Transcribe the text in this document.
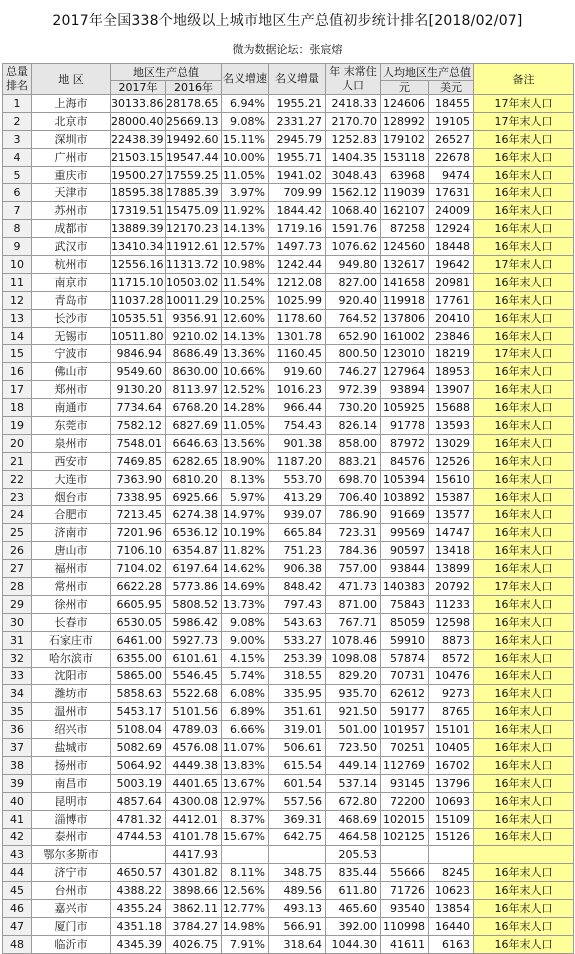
2017年全国338个地级以上城市地区生产总值初步统计排名[2018/02/07]
微为数据论坛：张宸熔
总量排名	地 区	地区生产总值		名义增速	名义增量	年 末常住人口	人均地区生产总值		备注
		2017年	2016年				元	美元	
1	上海市	30133.86	28178.65	6.94%	1955.21	2418.33	124606	18455	17年末人口
2	北京市	28000.40	25669.13	9.08%	2331.27	2170.70	128992	19105	17年末人口
3	深圳市	22438.39	19492.60	15.11%	2945.79	1252.83	179102	26527	16年末人口
4	广州市	21503.15	19547.44	10.00%	1955.71	1404.35	153118	22678	16年末人口
5	重庆市	19500.27	17559.25	11.05%	1941.02	3048.43	63968	9474	16年末人口
6	天津市	18595.38	17885.39	3.97%	709.99	1562.12	119039	17631	16年末人口
7	苏州市	17319.51	15475.09	11.92%	1844.42	1068.40	162107	24009	16年末人口
8	成都市	13889.39	12170.23	14.13%	1719.16	1591.76	87258	12924	16年末人口
9	武汉市	13410.34	11912.61	12.57%	1497.73	1076.62	124560	18448	16年末人口
10	杭州市	12556.16	11313.72	10.98%	1242.44	949.80	132617	19642	17年末人口
11	南京市	11715.10	10503.02	11.54%	1212.08	827.00	141658	20981	16年末人口
12	青岛市	11037.28	10011.29	10.25%	1025.99	920.40	119918	17761	16年末人口
13	长沙市	10535.51	9356.91	12.60%	1178.60	764.52	137806	20410	16年末人口
14	无锡市	10511.80	9210.02	14.13%	1301.78	652.90	161002	23846	16年末人口
15	宁波市	9846.94	8686.49	13.36%	1160.45	800.50	123010	18219	17年末人口
16	佛山市	9549.60	8630.00	10.66%	919.60	746.27	127964	18953	16年末人口
17	郑州市	9130.20	8113.97	12.52%	1016.23	972.39	93894	13907	16年末人口
18	南通市	7734.64	6768.20	14.28%	966.44	730.20	105925	15688	16年末人口
19	东莞市	7582.12	6827.69	11.05%	754.43	826.14	91778	13593	16年末人口
20	泉州市	7548.01	6646.63	13.56%	901.38	858.00	87972	13029	16年末人口
21	西安市	7469.85	6282.65	18.90%	1187.20	883.21	84576	12526	16年末人口
22	大连市	7363.90	6810.20	8.13%	553.70	698.70	105394	15610	16年末人口
23	烟台市	7338.95	6925.66	5.97%	413.29	706.40	103892	15387	16年末人口
24	合肥市	7213.45	6274.38	14.97%	939.07	786.90	91669	13577	16年末人口
25	济南市	7201.96	6536.12	10.19%	665.84	723.31	99569	14747	16年末人口
26	唐山市	7106.10	6354.87	11.82%	751.23	784.36	90597	13418	16年末人口
27	福州市	7104.02	6197.64	14.62%	906.38	757.00	93844	13899	16年末人口
28	常州市	6622.28	5773.86	14.69%	848.42	471.73	140383	20792	17年末人口
29	徐州市	6605.95	5808.52	13.73%	797.43	871.00	75843	11233	16年末人口
30	长春市	6530.05	5986.42	9.08%	543.63	767.71	85059	12598	16年末人口
31	石家庄市	6461.00	5927.73	9.00%	533.27	1078.46	59910	8873	16年末人口
32	哈尔滨市	6355.00	6101.61	4.15%	253.39	1098.08	57874	8572	16年末人口
33	沈阳市	5865.00	5546.45	5.74%	318.55	829.20	70731	10476	16年末人口
34	潍坊市	5858.63	5522.68	6.08%	335.95	935.70	62612	9273	16年末人口
35	温州市	5453.17	5101.56	6.89%	351.61	921.50	59177	8765	16年末人口
36	绍兴市	5108.04	4789.03	6.66%	319.01	501.00	101957	15101	16年末人口
37	盐城市	5082.69	4576.08	11.07%	506.61	723.50	70251	10405	16年末人口
38	扬州市	5064.92	4449.38	13.83%	615.54	449.14	112769	16702	16年末人口
39	南昌市	5003.19	4401.65	13.67%	601.54	537.14	93145	13796	16年末人口
40	昆明市	4857.64	4300.08	12.97%	557.56	672.80	72200	10693	16年末人口
41	淄博市	4781.32	4412.01	8.37%	369.31	468.69	102015	15109	16年末人口
42	泰州市	4744.53	4101.78	15.67%	642.75	464.58	102125	15126	16年末人口
43	鄂尔多斯市		4417.93			205.53			
44	济宁市	4650.57	4301.82	8.11%	348.75	835.44	55666	8245	16年末人口
45	台州市	4388.22	3898.66	12.56%	489.56	611.80	71726	10623	16年末人口
46	嘉兴市	4355.24	3862.11	12.77%	493.13	465.60	93540	13854	16年末人口
47	厦门市	4351.18	3784.27	14.98%	566.91	392.00	110998	16440	16年末人口
48	临沂市	4345.39	4026.75	7.91%	318.64	1044.30	41611	6163	16年末人口
